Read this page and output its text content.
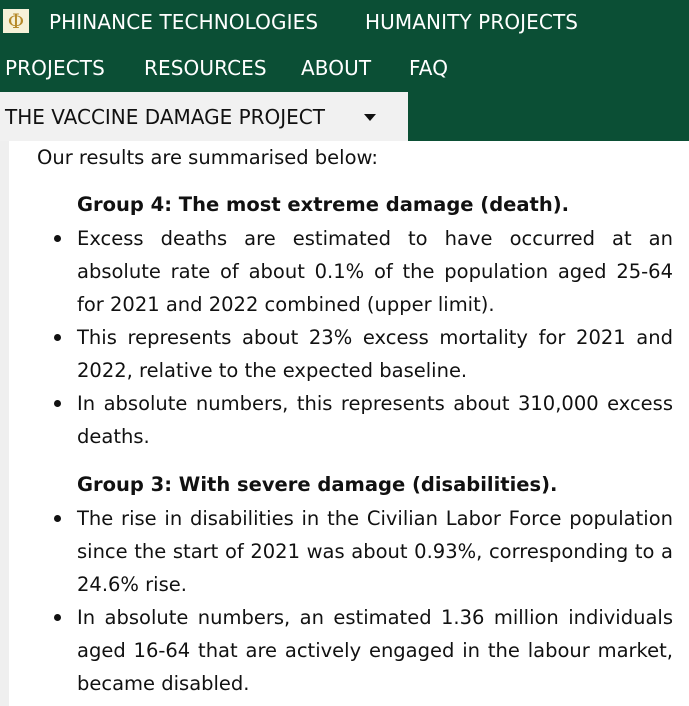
Φ PHINANCE TECHNOLOGIES HUMANITY PROJECTS
PROJECTS RESOURCES ABOUT FAQ
THE VACCINE DAMAGE PROJECT
Our results are summarised below:
Group 4: The most extreme damage (death).
Excess deaths are estimated to have occurred at an absolute rate of about 0.1% of the population aged 25-64 for 2021 and 2022 combined (upper limit).
This represents about 23% excess mortality for 2021 and 2022, relative to the expected baseline.
In absolute numbers, this represents about 310,000 excess deaths.
Group 3: With severe damage (disabilities).
The rise in disabilities in the Civilian Labor Force population since the start of 2021 was about 0.93%, corresponding to a 24.6% rise.
In absolute numbers, an estimated 1.36 million individuals aged 16-64 that are actively engaged in the labour market, became disabled.
